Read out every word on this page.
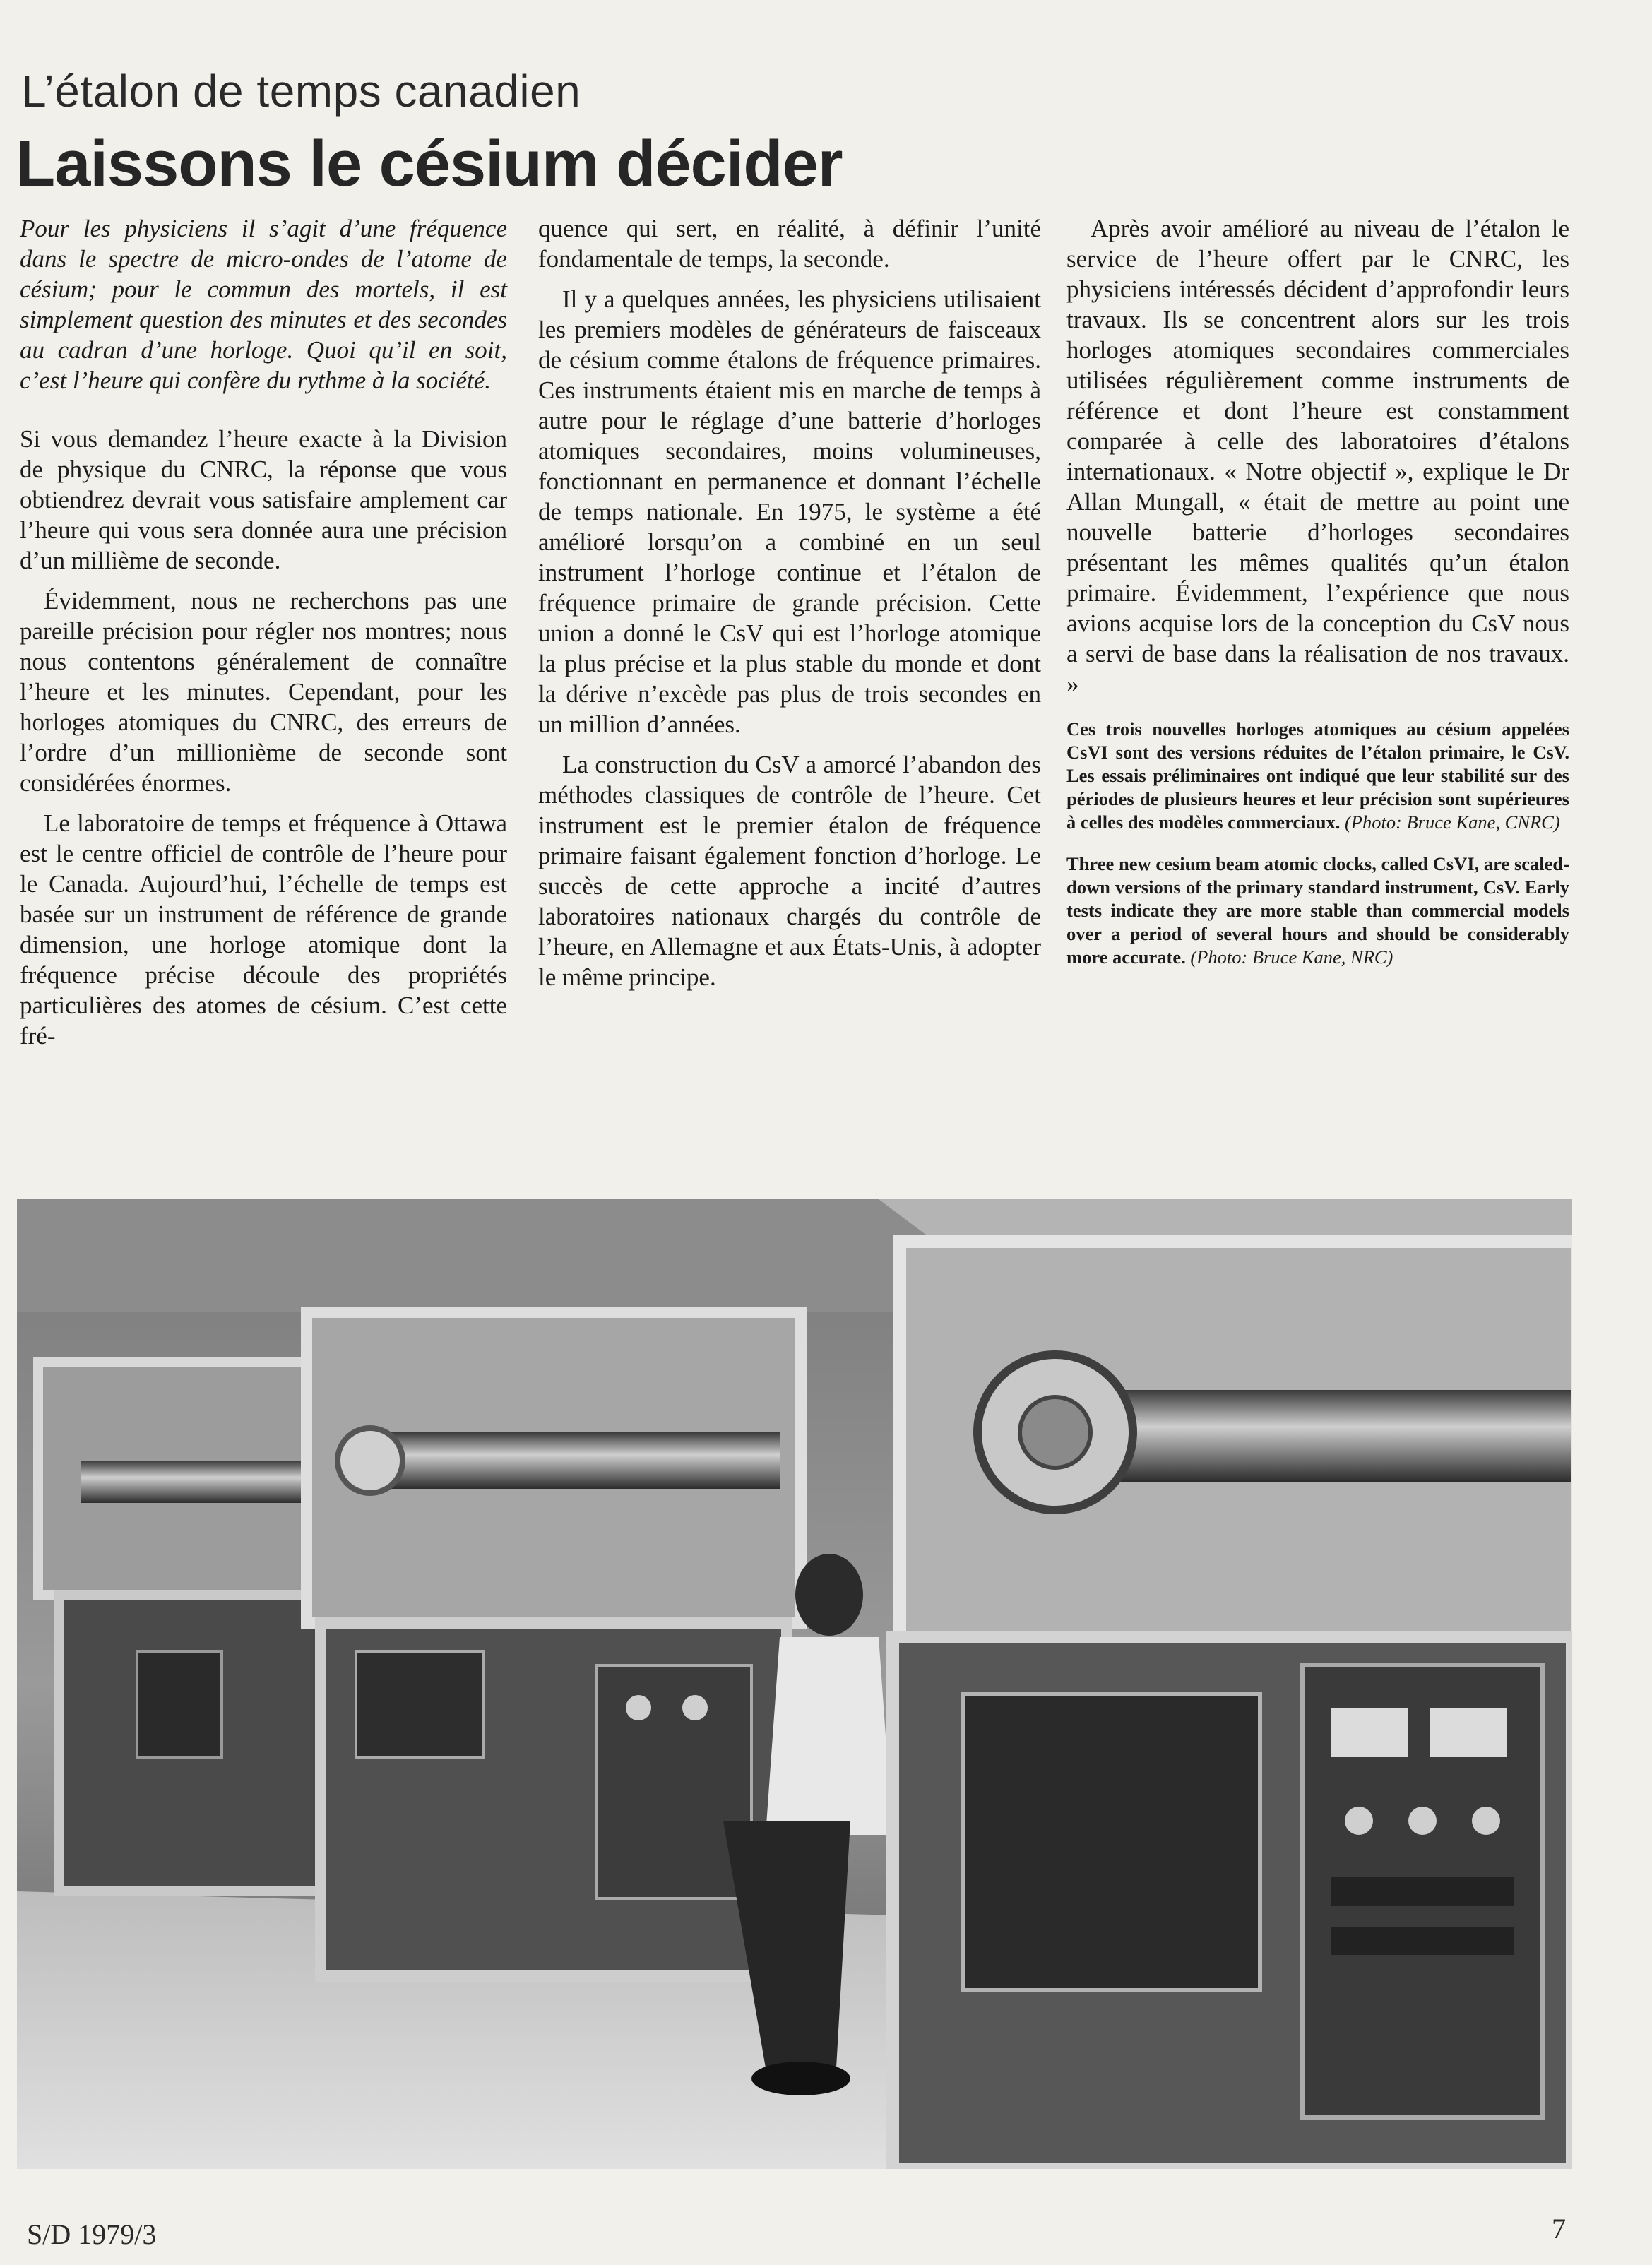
L’étalon de temps canadien
Laissons le césium décider

Pour les physiciens il s’agit d’une fréquence dans le spectre de micro-ondes de l’atome de césium; pour le commun des mortels, il est simplement question des minutes et des secondes au cadran d’une horloge. Quoi qu’il en soit, c’est l’heure qui confère du rythme à la société.

Si vous demandez l’heure exacte à la Division de physique du CNRC, la réponse que vous obtiendrez devrait vous satisfaire amplement car l’heure qui vous sera donnée aura une précision d’un millième de seconde.

Évidemment, nous ne recherchons pas une pareille précision pour régler nos montres; nous nous contentons généralement de connaître l’heure et les minutes. Cependant, pour les horloges atomiques du CNRC, des erreurs de l’ordre d’un millionième de seconde sont considérées énormes.

Le laboratoire de temps et fréquence à Ottawa est le centre officiel de contrôle de l’heure pour le Canada. Aujourd’hui, l’échelle de temps est basée sur un instrument de référence de grande dimension, une horloge atomique dont la fréquence précise découle des propriétés particulières des atomes de césium. C’est cette fré-

quence qui sert, en réalité, à définir l’unité fondamentale de temps, la seconde.

Il y a quelques années, les physiciens utilisaient les premiers modèles de générateurs de faisceaux de césium comme étalons de fréquence primaires. Ces instruments étaient mis en marche de temps à autre pour le réglage d’une batterie d’horloges atomiques secondaires, moins volumineuses, fonctionnant en permanence et donnant l’échelle de temps nationale. En 1975, le système a été amélioré lorsqu’on a combiné en un seul instrument l’horloge continue et l’étalon de fréquence primaire de grande précision. Cette union a donné le CsV qui est l’horloge atomique la plus précise et la plus stable du monde et dont la dérive n’excède pas plus de trois secondes en un million d’années.

La construction du CsV a amorcé l’abandon des méthodes classiques de contrôle de l’heure. Cet instrument est le premier étalon de fréquence primaire faisant également fonction d’horloge. Le succès de cette approche a incité d’autres laboratoires nationaux chargés du contrôle de l’heure, en Allemagne et aux États-Unis, à adopter le même principe.

Après avoir amélioré au niveau de l’étalon le service de l’heure offert par le CNRC, les physiciens intéressés décident d’approfondir leurs travaux. Ils se concentrent alors sur les trois horloges atomiques secondaires commerciales utilisées régulièrement comme instruments de référence et dont l’heure est constamment comparée à celle des laboratoires d’étalons internationaux. « Notre objectif », explique le Dr Allan Mungall, « était de mettre au point une nouvelle batterie d’horloges secondaires présentant les mêmes qualités qu’un étalon primaire. Évidemment, l’expérience que nous avions acquise lors de la conception du CsV nous a servi de base dans la réalisation de nos travaux. »

Ces trois nouvelles horloges atomiques au césium appelées CsVI sont des versions réduites de l’étalon primaire, le CsV. Les essais préliminaires ont indiqué que leur stabilité sur des périodes de plusieurs heures et leur précision sont supérieures à celles des modèles commerciaux. (Photo: Bruce Kane, CNRC)

Three new cesium beam atomic clocks, called CsVI, are scaled-down versions of the primary standard instrument, CsV. Early tests indicate they are more stable than commercial models over a period of several hours and should be considerably more accurate. (Photo: Bruce Kane, NRC)

S/D 1979/3	7
